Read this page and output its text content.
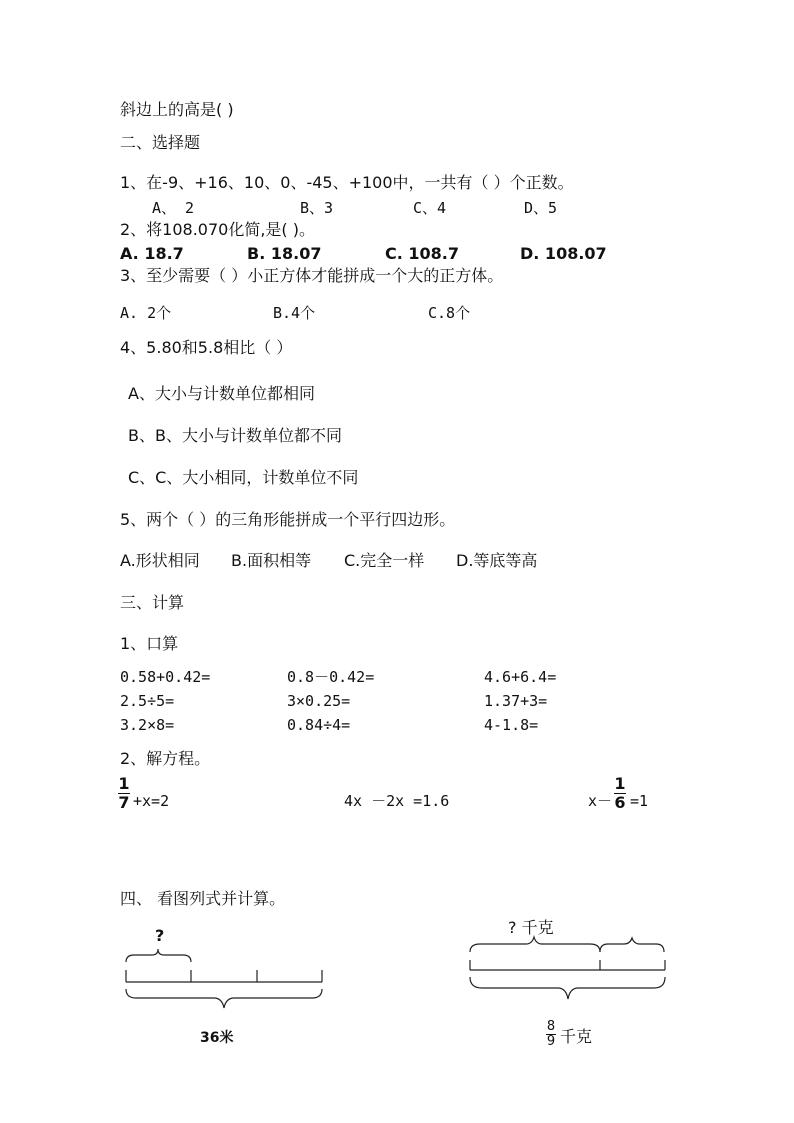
斜边上的高是( )
二、选择题
1、在-9、+16、10、0、-45、+100中，一共有（ ）个正数。
A、 2	B、3	C、4	D、5
2、将108.070化简,是( )。
A. 18.7	B. 18.07	C. 108.7	D. 108.07
3、至少需要（ ）小正方体才能拼成一个大的正方体。
A. 2个	B.4个	C.8个
4、5.80和5.8相比（ ）
A、大小与计数单位都相同
B、B、大小与计数单位都不同
C、C、大小相同，计数单位不同
5、两个（ ）的三角形能拼成一个平行四边形。
A.形状相同 B.面积相等 C.完全一样 D.等底等高
三、计算
1、口算
0.58+0.42=	0.8－0.42=	4.6+6.4=
2.5÷5=	3×0.25=	1.37+3=
3.2×8=	0.84÷4=	4-1.8=
2、解方程。
1
7 +x=2	4x －2x =1.6	x－
1
6 =1
四、 看图列式并计算。
?
36米
? 千克
8
9 千克
